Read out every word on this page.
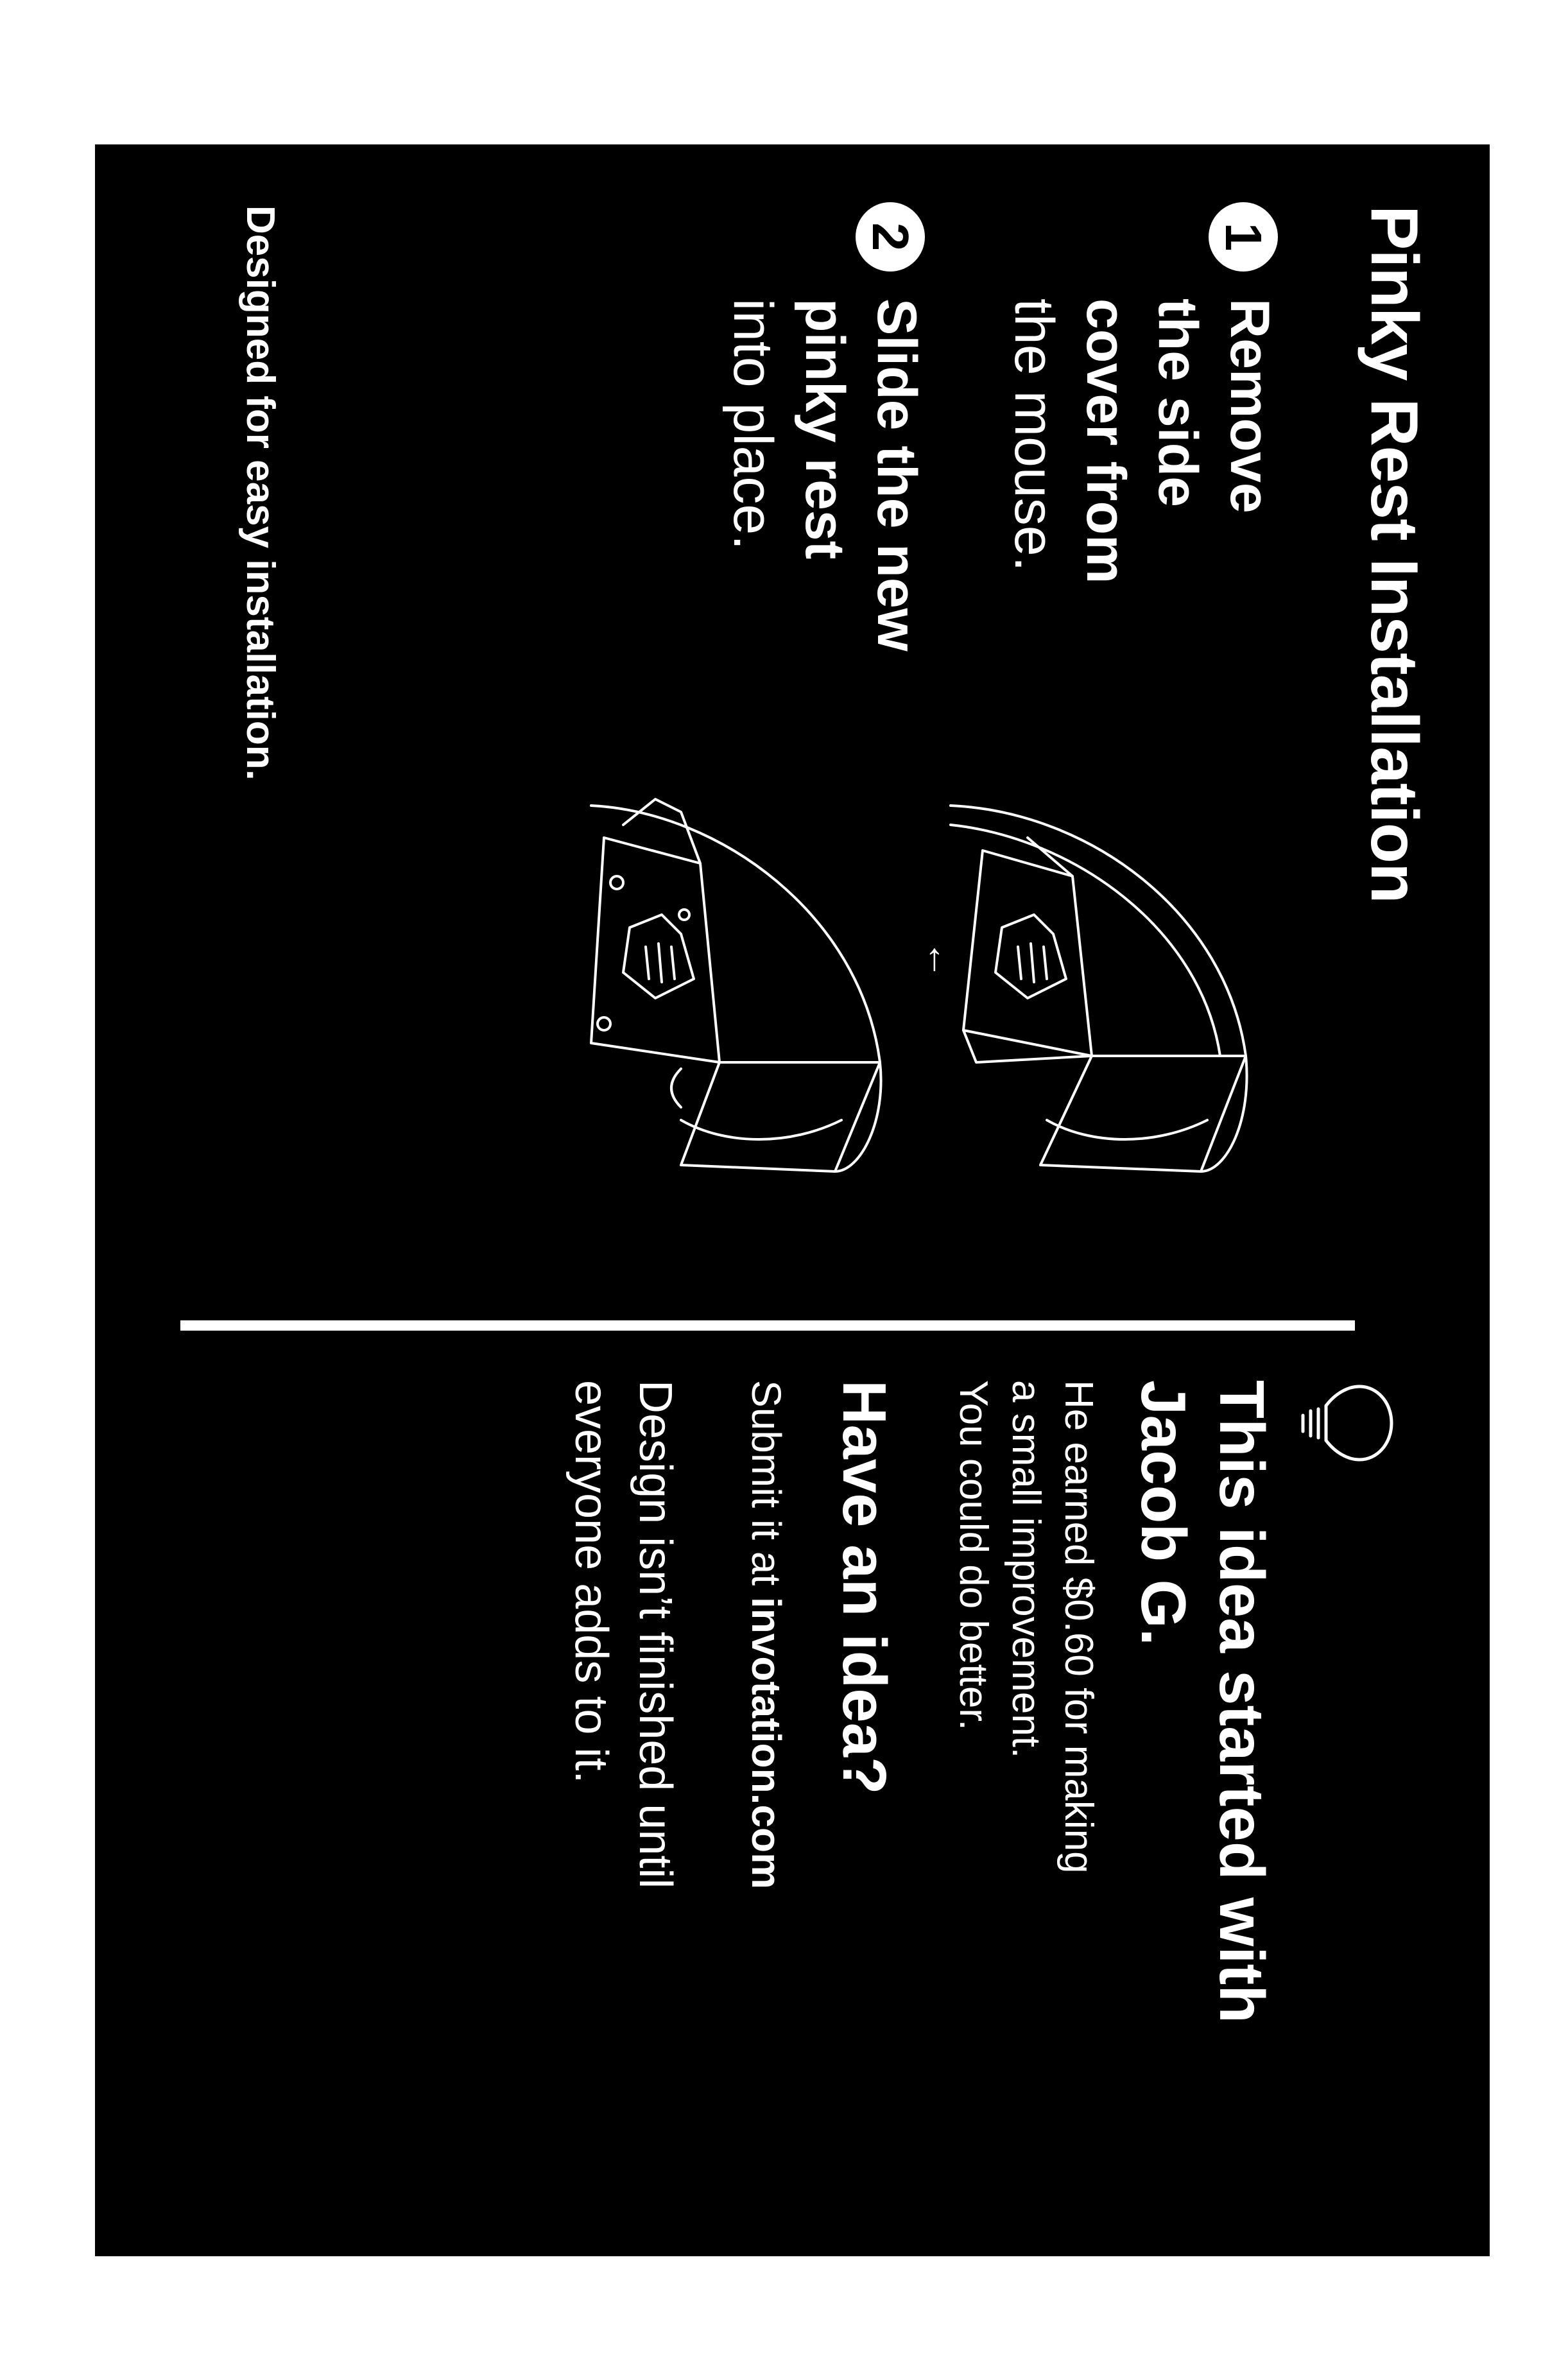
Pinky Rest Installation
1
Remove
the side
cover from
the mouse.
2
Slide the new
pinky rest
into place.
←
Designed for easy installation.
This idea started with
Jacob G.
He earned $0.60 for making
a small improvement.
You could do better.
Have an idea?
Submit it at invotation.com
Design isn’t finished until
everyone adds to it.
